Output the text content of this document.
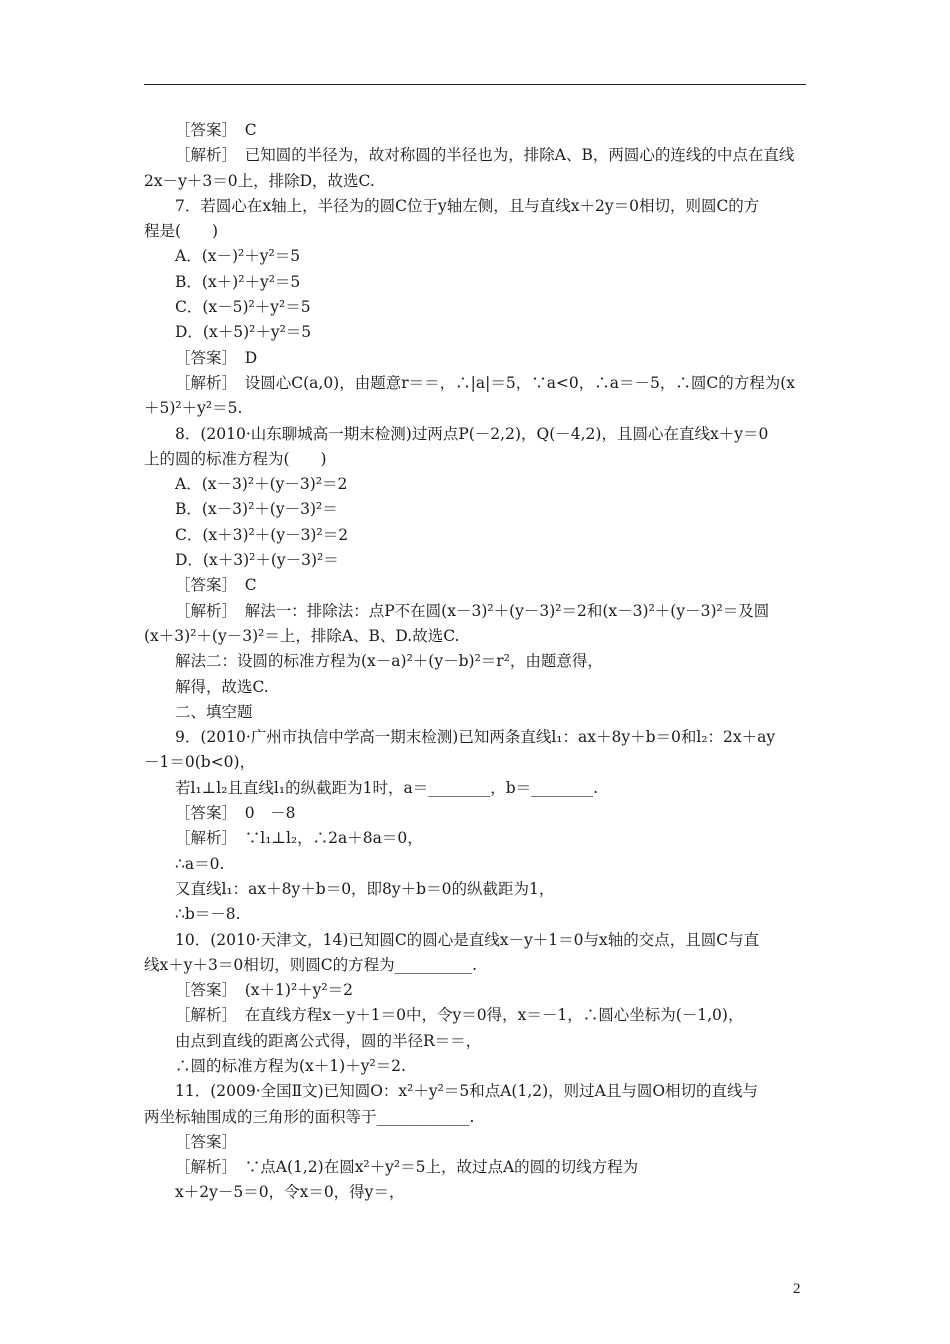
［答案］　C
［解析］　已知圆的半径为，故对称圆的半径也为，排除A、B，两圆心的连线的中点在直线
2x－y＋3＝0上，排除D，故选C.
7．若圆心在x轴上，半径为的圆C位于y轴左侧，且与直线x＋2y＝0相切，则圆C的方
程是(　　)
A．(x－)²＋y²＝5
B．(x＋)²＋y²＝5
C．(x－5)²＋y²＝5
D．(x＋5)²＋y²＝5
［答案］　D
［解析］　设圆心C(a,0)，由题意r＝＝，∴|a|＝5，∵a<0，∴a＝－5，∴圆C的方程为(x
＋5)²＋y²＝5.
8．(2010·山东聊城高一期末检测)过两点P(－2,2)，Q(－4,2)，且圆心在直线x＋y＝0
上的圆的标准方程为(　　)
A．(x－3)²＋(y－3)²＝2
B．(x－3)²＋(y－3)²＝
C．(x＋3)²＋(y－3)²＝2
D．(x＋3)²＋(y－3)²＝
［答案］　C
［解析］　解法一：排除法：点P不在圆(x－3)²＋(y－3)²＝2和(x－3)²＋(y－3)²＝及圆
(x＋3)²＋(y－3)²＝上，排除A、B、D.故选C.
解法二：设圆的标准方程为(x－a)²＋(y－b)²＝r²，由题意得，
解得，故选C.
二、填空题
9．(2010·广州市执信中学高一期末检测)已知两条直线l₁：ax＋8y＋b＝0和l₂：2x＋ay
－1＝0(b<0)，
若l₁⊥l₂且直线l₁的纵截距为1时，a＝________，b＝________.
［答案］　0　－8
［解析］　∵l₁⊥l₂，∴2a＋8a＝0，
∴a＝0.
又直线l₁：ax＋8y＋b＝0，即8y＋b＝0的纵截距为1，
∴b＝－8.
10．(2010·天津文，14)已知圆C的圆心是直线x－y＋1＝0与x轴的交点，且圆C与直
线x＋y＋3＝0相切，则圆C的方程为__________.
［答案］　(x＋1)²＋y²＝2
［解析］　在直线方程x－y＋1＝0中，令y＝0得，x＝－1，∴圆心坐标为(－1,0)，
由点到直线的距离公式得，圆的半径R＝＝，
∴圆的标准方程为(x＋1)＋y²＝2.
11．(2009·全国Ⅱ文)已知圆O：x²＋y²＝5和点A(1,2)，则过A且与圆O相切的直线与
两坐标轴围成的三角形的面积等于____________.
［答案］
［解析］　∵点A(1,2)在圆x²＋y²＝5上，故过点A的圆的切线方程为
x＋2y－5＝0，令x＝0，得y＝，
2
